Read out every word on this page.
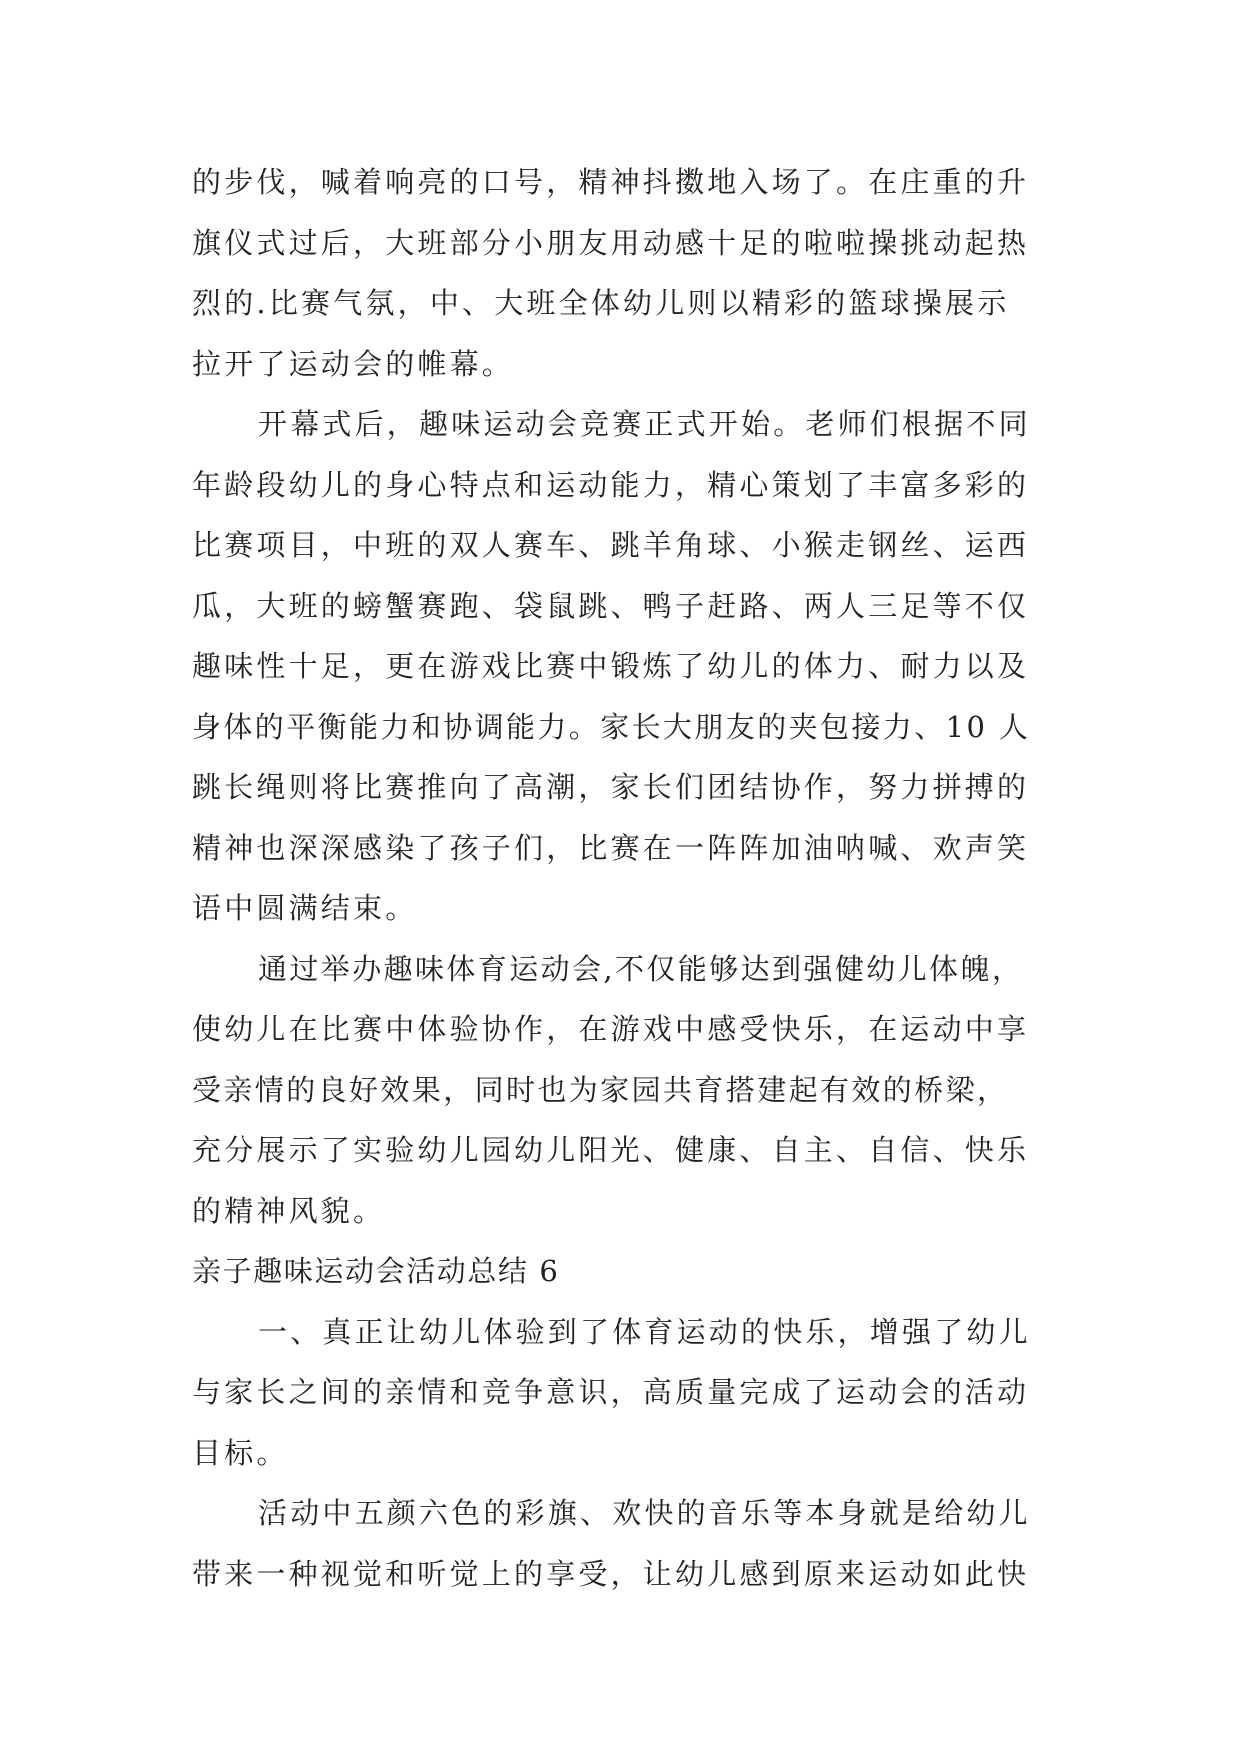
的步伐，喊着响亮的口号，精神抖擞地入场了。在庄重的升
旗仪式过后，大班部分小朋友用动感十足的啦啦操挑动起热
烈的.比赛气氛，中、大班全体幼儿则以精彩的篮球操展示
拉开了运动会的帷幕。
开幕式后，趣味运动会竞赛正式开始。老师们根据不同
年龄段幼儿的身心特点和运动能力，精心策划了丰富多彩的
比赛项目，中班的双人赛车、跳羊角球、小猴走钢丝、运西
瓜，大班的螃蟹赛跑、袋鼠跳、鸭子赶路、两人三足等不仅
趣味性十足，更在游戏比赛中锻炼了幼儿的体力、耐力以及
身体的平衡能力和协调能力。家长大朋友的夹包接力、10 人
跳长绳则将比赛推向了高潮，家长们团结协作，努力拼搏的
精神也深深感染了孩子们，比赛在一阵阵加油呐喊、欢声笑
语中圆满结束。
通过举办趣味体育运动会,不仅能够达到强健幼儿体魄，
使幼儿在比赛中体验协作，在游戏中感受快乐，在运动中享
受亲情的良好效果，同时也为家园共育搭建起有效的桥梁，
充分展示了实验幼儿园幼儿阳光、健康、自主、自信、快乐
的精神风貌。
亲子趣味运动会活动总结 6
一、真正让幼儿体验到了体育运动的快乐，增强了幼儿
与家长之间的亲情和竞争意识，高质量完成了运动会的活动
目标。
活动中五颜六色的彩旗、欢快的音乐等本身就是给幼儿
带来一种视觉和听觉上的享受，让幼儿感到原来运动如此快
